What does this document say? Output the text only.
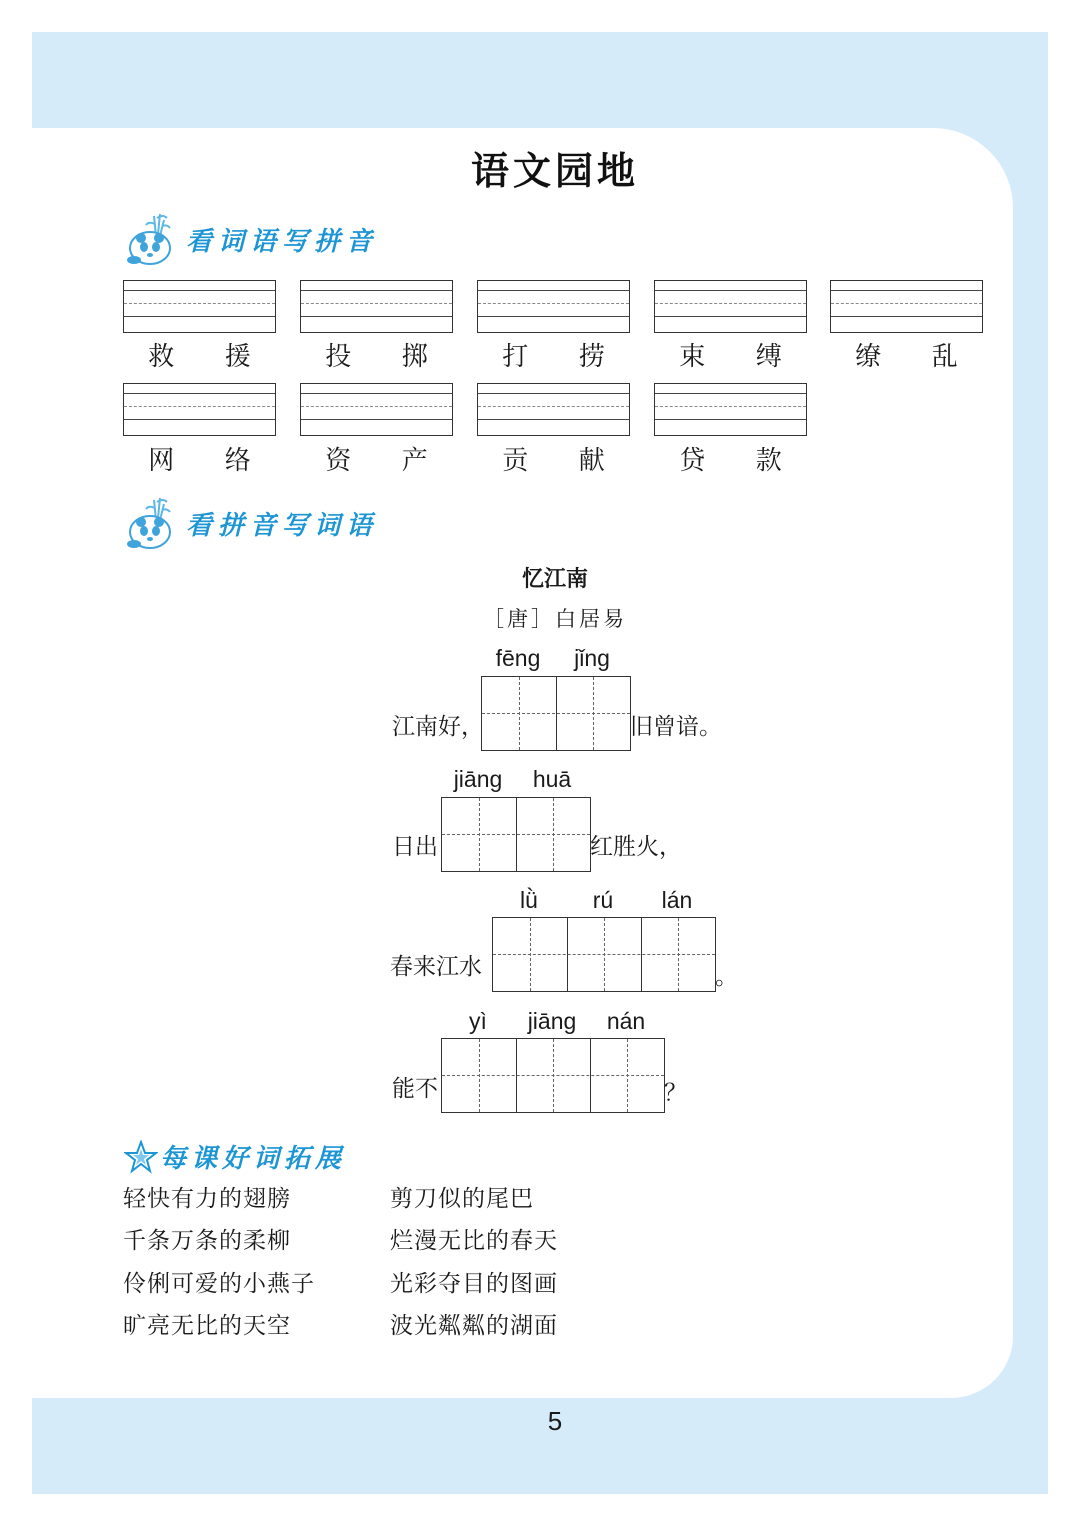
语文园地
看词语写拼音
救 援	投 掷	打 捞	束 缚	缭 乱
网 络	资 产	贡 献	贷 款
看拼音写词语
忆江南
［唐］白居易
fēng	jǐng
江南好，	旧曾谙。
jiāng	huā
日出	红胜火，
lǜ	rú	lán
春来江水	。
yì	jiāng	nán
能不	？
每课好词拓展
轻快有力的翅膀
千条万条的柔柳
伶俐可爱的小燕子
旷亮无比的天空
剪刀似的尾巴
烂漫无比的春天
光彩夺目的图画
波光粼粼的湖面
5
